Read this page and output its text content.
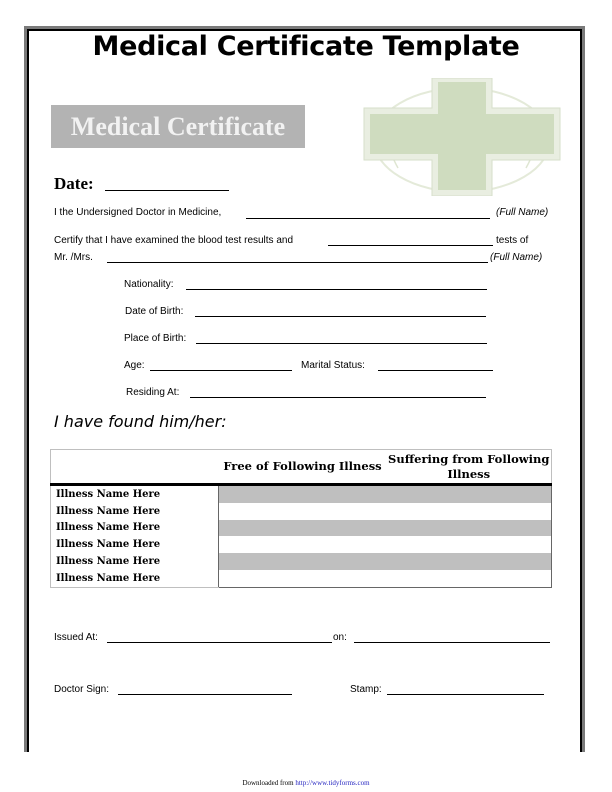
Medical Certificate Template
Medical Certificate
Date:
I the Undersigned Doctor in Medicine,	(Full Name)
Certify that I have examined the blood test results and	tests of
Mr. /Mrs.	(Full Name)
Nationality:
Date of Birth:
Place of Birth:
Age:	Marital Status:
Residing At:
I have found him/her:
	Free of Following Illness	Suffering from Following Illness
Illness Name Here		
Illness Name Here		
Illness Name Here		
Illness Name Here		
Illness Name Here		
Illness Name Here		
Issued At:	on:
Doctor Sign:	Stamp:
Downloaded from http://www.tidyforms.com
